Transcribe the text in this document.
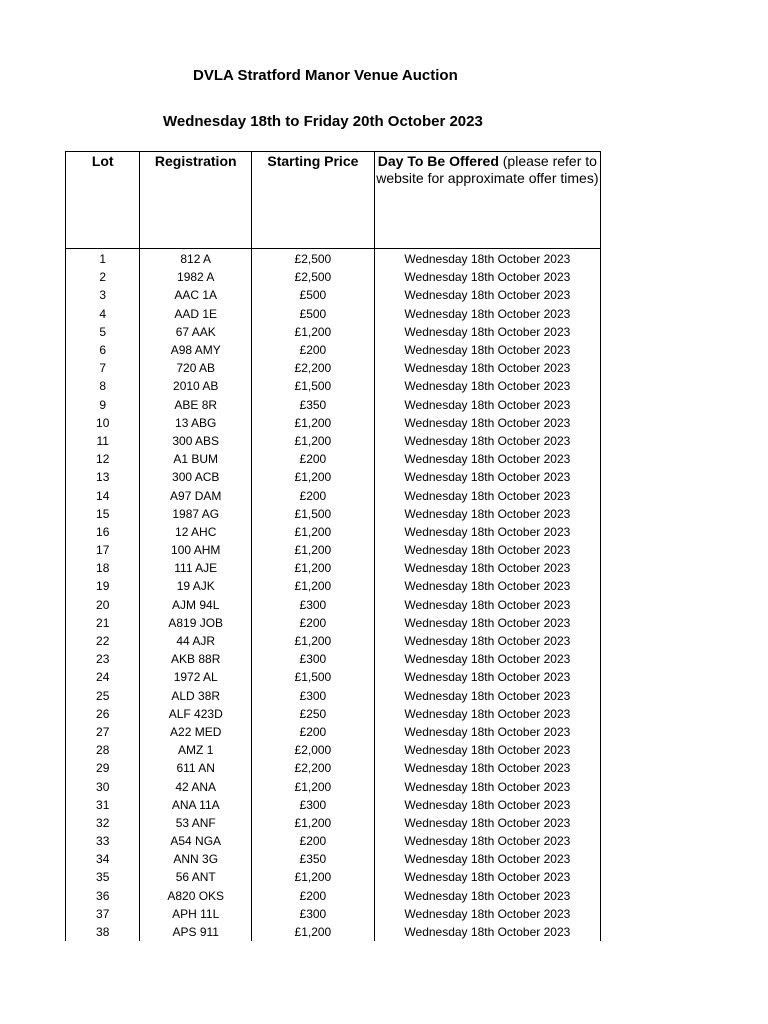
DVLA Stratford Manor Venue Auction
Wednesday 18th to Friday 20th October 2023
Lot	Registration	Starting Price	Day To Be Offered (please refer to website for approximate offer times)
1	812 A	£2,500	Wednesday 18th October 2023
2	1982 A	£2,500	Wednesday 18th October 2023
3	AAC 1A	£500	Wednesday 18th October 2023
4	AAD 1E	£500	Wednesday 18th October 2023
5	67 AAK	£1,200	Wednesday 18th October 2023
6	A98 AMY	£200	Wednesday 18th October 2023
7	720 AB	£2,200	Wednesday 18th October 2023
8	2010 AB	£1,500	Wednesday 18th October 2023
9	ABE 8R	£350	Wednesday 18th October 2023
10	13 ABG	£1,200	Wednesday 18th October 2023
11	300 ABS	£1,200	Wednesday 18th October 2023
12	A1 BUM	£200	Wednesday 18th October 2023
13	300 ACB	£1,200	Wednesday 18th October 2023
14	A97 DAM	£200	Wednesday 18th October 2023
15	1987 AG	£1,500	Wednesday 18th October 2023
16	12 AHC	£1,200	Wednesday 18th October 2023
17	100 AHM	£1,200	Wednesday 18th October 2023
18	111 AJE	£1,200	Wednesday 18th October 2023
19	19 AJK	£1,200	Wednesday 18th October 2023
20	AJM 94L	£300	Wednesday 18th October 2023
21	A819 JOB	£200	Wednesday 18th October 2023
22	44 AJR	£1,200	Wednesday 18th October 2023
23	AKB 88R	£300	Wednesday 18th October 2023
24	1972 AL	£1,500	Wednesday 18th October 2023
25	ALD 38R	£300	Wednesday 18th October 2023
26	ALF 423D	£250	Wednesday 18th October 2023
27	A22 MED	£200	Wednesday 18th October 2023
28	AMZ 1	£2,000	Wednesday 18th October 2023
29	611 AN	£2,200	Wednesday 18th October 2023
30	42 ANA	£1,200	Wednesday 18th October 2023
31	ANA 11A	£300	Wednesday 18th October 2023
32	53 ANF	£1,200	Wednesday 18th October 2023
33	A54 NGA	£200	Wednesday 18th October 2023
34	ANN 3G	£350	Wednesday 18th October 2023
35	56 ANT	£1,200	Wednesday 18th October 2023
36	A820 OKS	£200	Wednesday 18th October 2023
37	APH 11L	£300	Wednesday 18th October 2023
38	APS 911	£1,200	Wednesday 18th October 2023
